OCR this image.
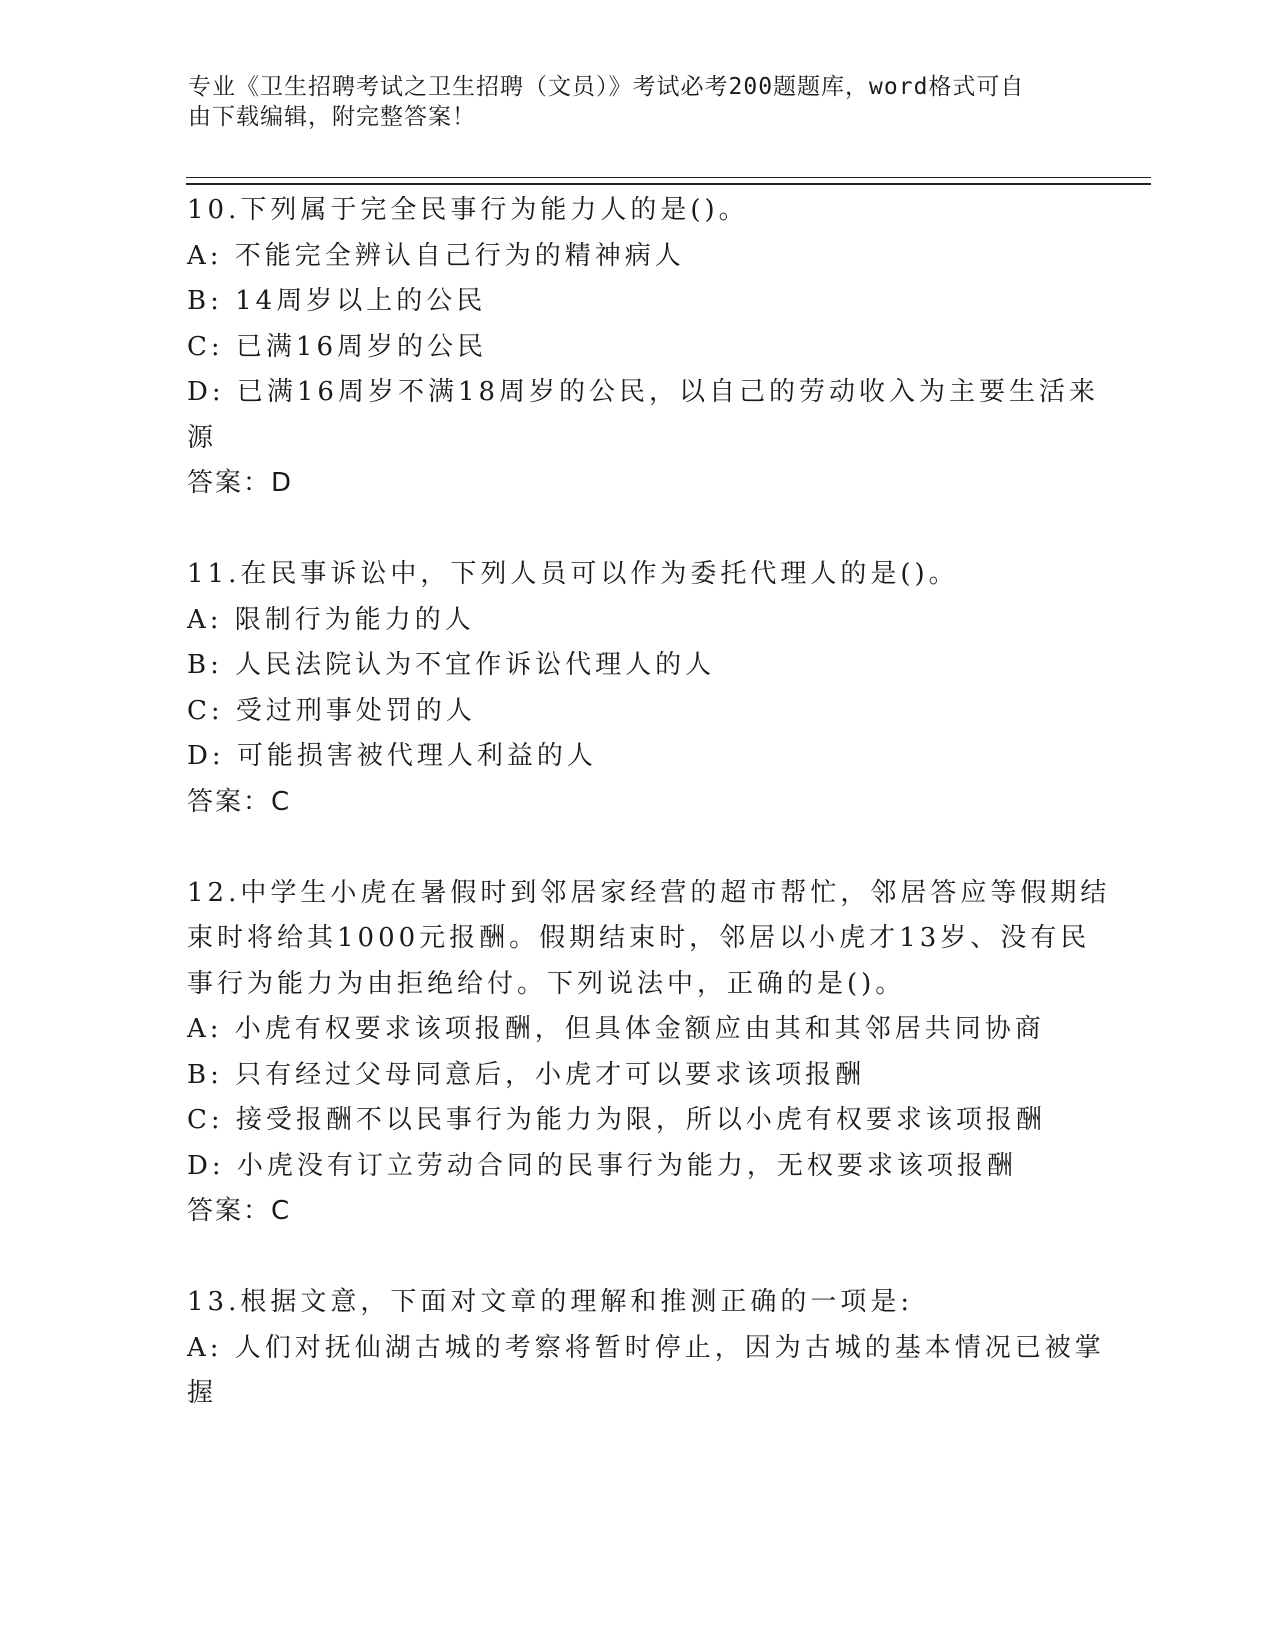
专业《卫生招聘考试之卫生招聘（文员）》考试必考200题题库，word格式可自
由下载编辑，附完整答案！
10.下列属于完全民事行为能力人的是()。
A: 不能完全辨认自己行为的精神病人
B: 14周岁以上的公民
C: 已满16周岁的公民
D: 已满16周岁不满18周岁的公民，以自己的劳动收入为主要生活来
源
答案：D
11.在民事诉讼中，下列人员可以作为委托代理人的是()。
A: 限制行为能力的人
B: 人民法院认为不宜作诉讼代理人的人
C: 受过刑事处罚的人
D: 可能损害被代理人利益的人
答案：C
12.中学生小虎在暑假时到邻居家经营的超市帮忙，邻居答应等假期结
束时将给其1000元报酬。假期结束时，邻居以小虎才13岁、没有民
事行为能力为由拒绝给付。下列说法中，正确的是()。
A: 小虎有权要求该项报酬，但具体金额应由其和其邻居共同协商
B: 只有经过父母同意后，小虎才可以要求该项报酬
C: 接受报酬不以民事行为能力为限，所以小虎有权要求该项报酬
D: 小虎没有订立劳动合同的民事行为能力，无权要求该项报酬
答案：C
13.根据文意，下面对文章的理解和推测正确的一项是:
A: 人们对抚仙湖古城的考察将暂时停止，因为古城的基本情况已被掌
握
